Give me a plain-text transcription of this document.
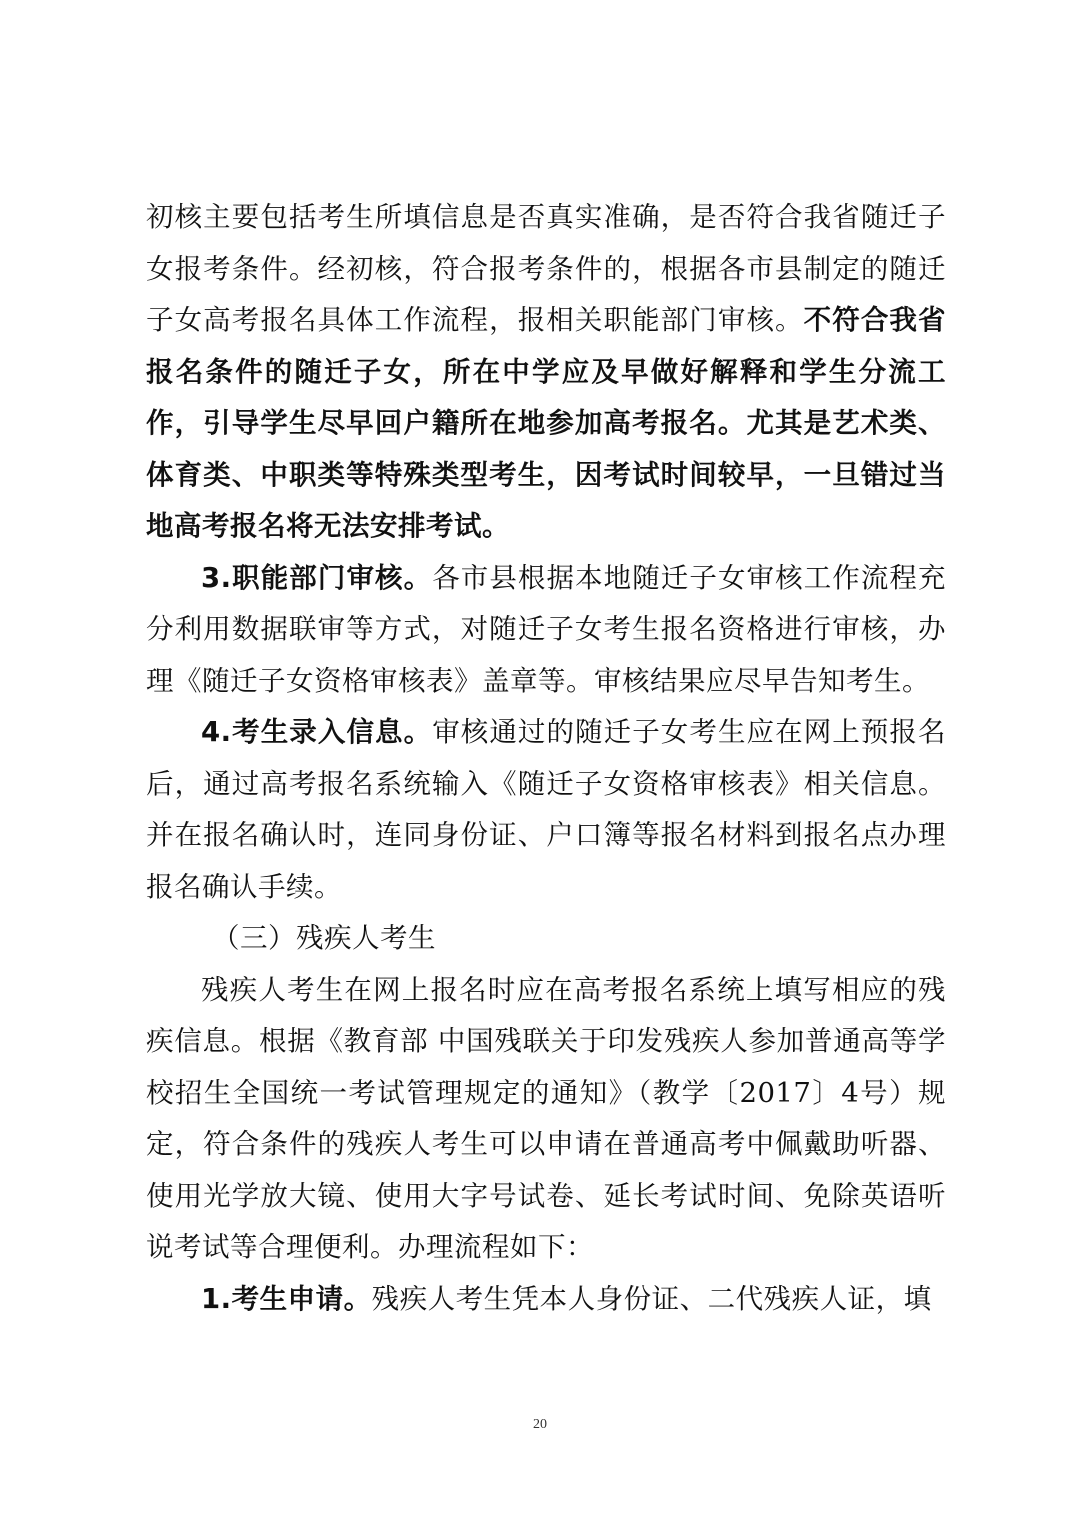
初核主要包括考生所填信息是否真实准确，是否符合我省随迁子女报考条件。经初核，符合报考条件的，根据各市县制定的随迁子女高考报名具体工作流程，报相关职能部门审核。不符合我省报名条件的随迁子女，所在中学应及早做好解释和学生分流工作，引导学生尽早回户籍所在地参加高考报名。尤其是艺术类、体育类、中职类等特殊类型考生，因考试时间较早，一旦错过当地高考报名将无法安排考试。

3.职能部门审核。各市县根据本地随迁子女审核工作流程充分利用数据联审等方式，对随迁子女考生报名资格进行审核，办理《随迁子女资格审核表》盖章等。审核结果应尽早告知考生。

4.考生录入信息。审核通过的随迁子女考生应在网上预报名后，通过高考报名系统输入《随迁子女资格审核表》相关信息。并在报名确认时，连同身份证、户口簿等报名材料到报名点办理报名确认手续。

（三）残疾人考生

残疾人考生在网上报名时应在高考报名系统上填写相应的残疾信息。根据《教育部 中国残联关于印发残疾人参加普通高等学校招生全国统一考试管理规定的通知》（教学〔2017〕4号）规定，符合条件的残疾人考生可以申请在普通高考中佩戴助听器、使用光学放大镜、使用大字号试卷、延长考试时间、免除英语听说考试等合理便利。办理流程如下：

1.考生申请。残疾人考生凭本人身份证、二代残疾人证，填

20
